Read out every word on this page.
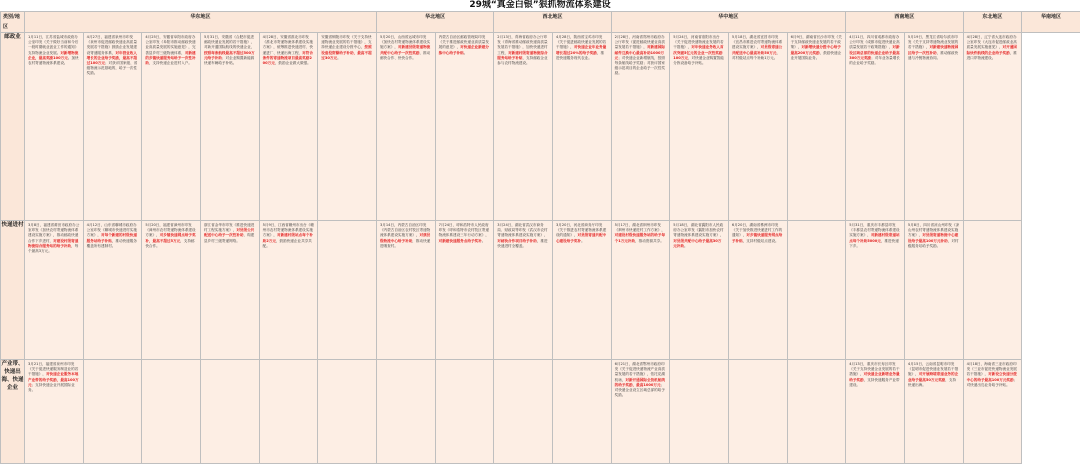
29城“真金白银”狠抓物流体系建设
类别/地区	华东地区						华北地区		西北地区		华中地区				西南地区		东北地区	华南地区
邮政业	1月11日，江苏省盐城市政府办公室印发《关于做好当前和今后一段时期就业创业工作的通知》支持物流企业发展。对新增物流企业，最高奖励100万元。加快农村寄递物流体系建设。	4月27日，福建省泉州市印发《泉州市促进邮政快递业高质量发展若干措施》鼓励企业发展建设寄递服务体系，对年营业收入增长的企业给予奖励，最高不超过100万元；对获评国家级、省级物流示范基地的，给予一次性奖励。	4月25日，安徽省阜阳市政府办公室印发《阜阳市推动邮政快递业高质量发展的实施意见》，完善县乡村三级物流体系，对新建的乡镇快递服务站给予一次性补助，支持快递企业进村入户。	5月31日，安徽省《合肥市促进邮政快递业发展的若干措施》，对新开通国际航线的快递企业，按照每条航线最高不超过500万元给予补助；对企业购置新能源快递车辆给予补贴。	4月28日，安徽省淮北市印发《淮北市寄递物流体系建设实施方案》，统筹推进快递进村、快递进厂、快递出海工程，对符合条件的寄递物流项目最高奖励200万元，鼓励企业做大做强。	安徽省铜陵市印发《关于支持快递物流业发展的若干措施》，支持快递企业建设分拨中心，按照设备投资额给予补助，最高不超过30万元。	5月20日，山西省运城市印发《加快农村寄递物流体系建设实施方案》，对新建县级寄递物流共配中心给予一次性奖励，推动邮快合作、快快合作。	内蒙古自治区邮政管理局印发《关于推进邮政快递业高质量发展的意见》，对快递企业新建分拣中心给予补贴。	2月13日，青海省政府办公厅印发《青海省推动邮政快递高质量发展若干措施》，加快快递进村工程，对新建村级寄递物流综合服务站给予补贴，支持邮政企业参与农村物流建设。	4月28日，陕西省宝鸡市印发《关于促进邮政快递业发展的若干措施》，对快递企业年业务量增长超过20%的给予奖励，推进快递服务现代农业。	2月28日，河南省郑州市政府办公厅印发《促进邮政快递业高质量发展若干措施》，对新建国际邮件互换中心最高补助1000万元；对快递企业新增航线，按照每条航线给予奖励；对获评国家级示范项目的企业给予一次性奖励。	5月24日，河南省洛阳市出台《关于促进快递物流业发展的若干措施》，对年快递业务收入首次突破5亿元的企业一次性奖励100万元，对快递企业购置智能分拣设备给予补贴。	5月18日，湖北省宜昌市印发《宜昌市推进农村寄递物流体系建设实施方案》，对县级寄递公共配送中心最高补助50万元，对村级站点每个补助1万元。	6月9日，湖南省长沙市印发《关于支持邮政快递业发展的若干政策》，对新增快递分拨中心给予最高200万元奖励，鼓励快递企业开展国际业务。	4月11日，四川省成都市政府办公厅印发《成都市促进快递业高质量发展若干政策措施》，对新设区域总部的快递企业给予最高300万元奖励；对年业务量增长的企业给予奖励。	5月19日，黑龙江省哈尔滨市印发《关于支持寄递物流业发展的若干措施》，对新建快递物流园区给予一次性补助，推动邮政快递与冷链物流协同。	4月28日，辽宁省大连市政府办公室印发《大连市促进邮政业高质量发展实施意见》，对开通国际快件航线的企业给予奖励，推进口岸物流建设。	

快递进村	3月8日，福建省莆田市政府办公室印发《加快农村寄递物流体系建设实施方案》，推动邮政快递合作下乡进村，对建设村级寄递物流综合服务站的给予补助，每个最高3万元。	4月12日，山东省聊城市政府办公室印发《聊城市快递进村实施方案》，对每个新建的村级快递服务站给予补贴，推动快递服务覆盖所有建制村。	5月20日，福建省漳州市印发《漳州市农村寄递物流体系建设方案》，对乡镇快递网点给予奖补，最高不超过5万元，支持邮快合作。	浙江省金华市印发《推进快递进村工程实施方案》，对县级公共配送中心给予一次性补助，构建县乡村三级寄递网络。	5月9日，江西省赣州市出台《赣州市农村寄递物流体系建设实施方案》，对新建村级站点每个补助2万元，鼓励快递企业共享共配。		3月14日，内蒙古自治区印发《内蒙古自治区农村牧区寄递物流体系建设实施方案》，对旗县级物流中心给予补助，推动快递进嘎查村。	7月24日，呼和浩特市人民政府印发《呼和浩特市农村牧区寄递物流体系建设三年行动方案》，对新建快递服务点给予奖补。	3月24日，湖北省武汉市商务局、财政局等印发《武汉市农村寄递物流体系建设实施方案》，对邮快合作项目给予补助，推进快递进村全覆盖。	3月20日，河北省商务厅印发《关于推进农村寄递物流体系建设的通知》，对县级寄递共配中心建设给予奖补。	5月17日，湖北省荆州市印发《荆州市快递进村工作方案》，对建设村级快递服务站的给予每个1万元补助，推动资源共享。	5月18日，湖北省襄阳市人民政府办公室印发《襄阳市加快农村寄递物流体系建设实施方案》，对县级共配中心给予最高30万元补助。	6月20日，湖南省株洲市印发《关于加快推进快递进村工作的通知》，对乡镇快递服务网点给予补贴，支持村级站点建设。		5月31日，重庆市丰都县印发《丰都县农村寄递物流体系建设实施方案》，对新建村级寄递站点每个补助5000元，推进快递下乡。	5月8日，四川省凉山州印发《凉山州农村寄递物流体系建设实施方案》，对县级寄递物流中心建设给予最高100万元补助，对村级服务站给予奖励。		

产业带、快递出海、快递企业	3月21日，福建省泉州市印发《关于促进快递服务制造业的若干措施》，对快递企业服务本地产业带的给予奖励，最高100万元；支持快递企业开展国际业务。										6月21日，湖北省鄂州市政府印发《关于促进快递物流产业高质量发展的若干措施》，依托花湖机场，对新开通国际全货机航线的给予奖励，最高1000万元；对快递企业设立区域总部的给予奖励。				4月13日，重庆市长寿区印发《关于支持快递企业发展的若干措施》，对快递企业新增业务量给予奖励，支持快递服务产业带建设。	4月15日，云南省昆明市印发《昆明市促进快递业发展若干措施》，对开展跨境寄递业务的企业给予最高50万元奖励，支持快递出海。	4月18日，海南省三亚市政府印发《三亚市促进快递物流业发展若干措施》，对新设立快递分拨中心的给予最高100万元奖励；对快递出岛业务给予补贴。	
